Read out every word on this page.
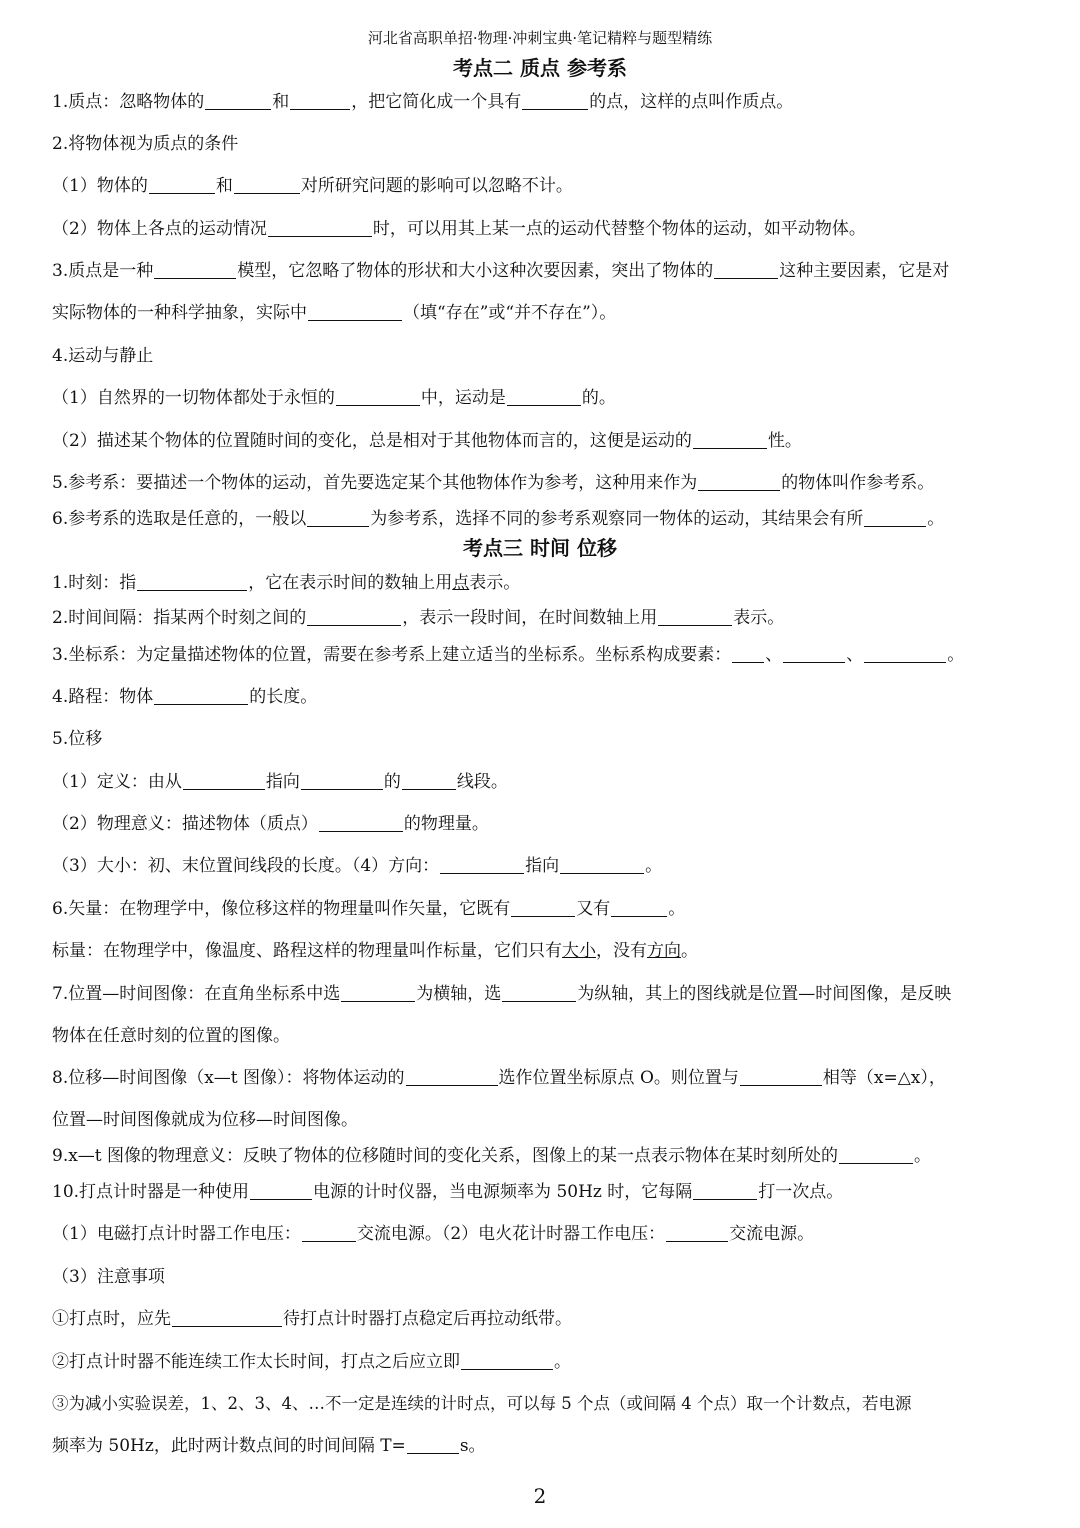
河北省高职单招·物理·冲刺宝典·笔记精粹与题型精练
考点二 质点 参考系
1.质点：忽略物体的	和	，把它简化成一个具有	的点，这样的点叫作质点。
2.将物体视为质点的条件
（1）物体的	和	对所研究问题的影响可以忽略不计。
（2）物体上各点的运动情况	时，可以用其上某一点的运动代替整个物体的运动，如平动物体。
3.质点是一种	模型，它忽略了物体的形状和大小这种次要因素，突出了物体的	这种主要因素，它是对
实际物体的一种科学抽象，实际中	（填“存在”或“并不存在”）。
4.运动与静止
（1）自然界的一切物体都处于永恒的	中，运动是	的。
（2）描述某个物体的位置随时间的变化，总是相对于其他物体而言的，这便是运动的	性。
5.参考系：要描述一个物体的运动，首先要选定某个其他物体作为参考，这种用来作为	的物体叫作参考系。
6.参考系的选取是任意的，一般以	为参考系，选择不同的参考系观察同一物体的运动，其结果会有所	。
考点三 时间 位移
1.时刻：指	，它在表示时间的数轴上用点表示。
2.时间间隔：指某两个时刻之间的	，表示一段时间，在时间数轴上用	表示。
3.坐标系：为定量描述物体的位置，需要在参考系上建立适当的坐标系。坐标系构成要素： 、	、	。
4.路程：物体	的长度。
5.位移
（1）定义：由从	指向	的	线段。
（2）物理意义：描述物体（质点）	的物理量。
（3）大小：初、末位置间线段的长度。（4）方向：	指向	。
6.矢量：在物理学中，像位移这样的物理量叫作矢量，它既有	又有	。
标量：在物理学中，像温度、路程这样的物理量叫作标量，它们只有大小，没有方向。
7.位置—时间图像：在直角坐标系中选	为横轴，选	为纵轴，其上的图线就是位置—时间图像，是反映
物体在任意时刻的位置的图像。
8.位移—时间图像（x—t 图像）：将物体运动的	选作位置坐标原点 O。则位置与	相等（x=△x），
位置—时间图像就成为位移—时间图像。
9.x—t 图像的物理意义：反映了物体的位移随时间的变化关系，图像上的某一点表示物体在某时刻所处的	。
10.打点计时器是一种使用	电源的计时仪器，当电源频率为 50Hz 时，它每隔	打一次点。
（1）电磁打点计时器工作电压：	交流电源。（2）电火花计时器工作电压：	交流电源。
（3）注意事项
①打点时，应先	待打点计时器打点稳定后再拉动纸带。
②打点计时器不能连续工作太长时间，打点之后应立即	。
③为减小实验误差，1、2、3、4、…不一定是连续的计时点，可以每 5 个点（或间隔 4 个点）取一个计数点，若电源
频率为 50Hz，此时两计数点间的时间间隔 T=	s。
2
